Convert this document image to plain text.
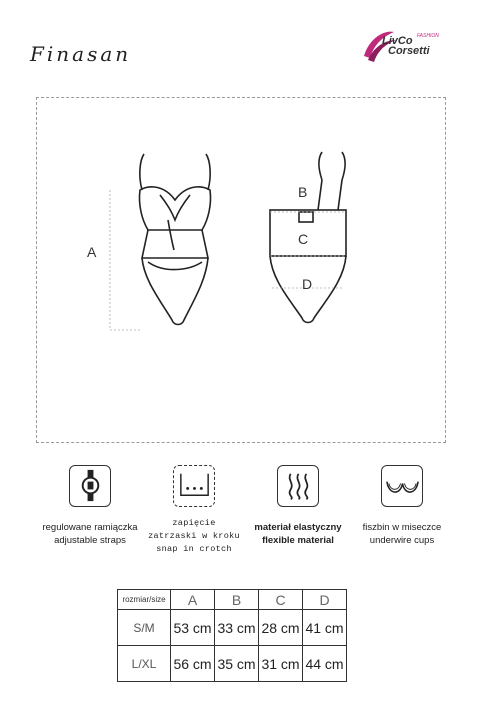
Finasan
FASHION
LivCo
Corsetti
A
B
C
D
regulowane ramiączka
adjustable straps
zapięcie
zatrzaski w kroku
snap in crotch
materiał elastyczny
flexible material
fiszbin w miseczce
underwire cups
rozmiar/size	A	B	C	D
S/M	53 cm	33 cm	28 cm	41 cm
L/XL	56 cm	35 cm	31 cm	44 cm
